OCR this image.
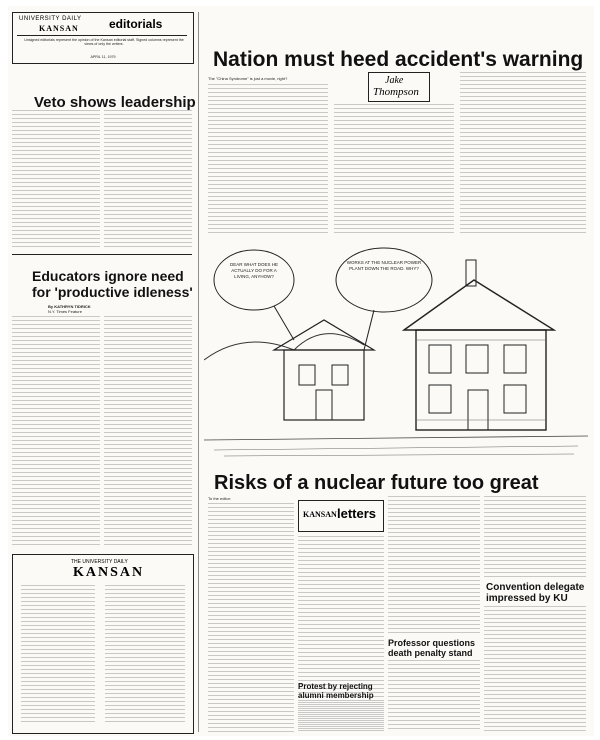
UNIVERSITY DAILY
KANSAN	editorials
Unsigned editorials represent the opinion of the Kansan editorial staff. Signed columns represent the views of only the writers.
APRIL 11, 1979
Veto shows leadership
Educators ignore need for 'productive idleness'
By KATHRYN TIDRICK
N.Y. Times Feature
THE UNIVERSITY DAILY
KANSAN
Nation must heed accident's warning
The "China Syndrome" is just a movie, right?	Jake
Thompson
DEAR WHAT DOES HE ACTUALLY DO FOR A LIVING, ANYHOW?
WORKS AT THE NUCLEAR POWER PLANT DOWN THE ROAD. WHY?
Risks of a nuclear future too great
To the editor:
KANSAN letters
Convention delegate impressed by KU
Professor questions death penalty stand
Protest by rejecting alumni membership
